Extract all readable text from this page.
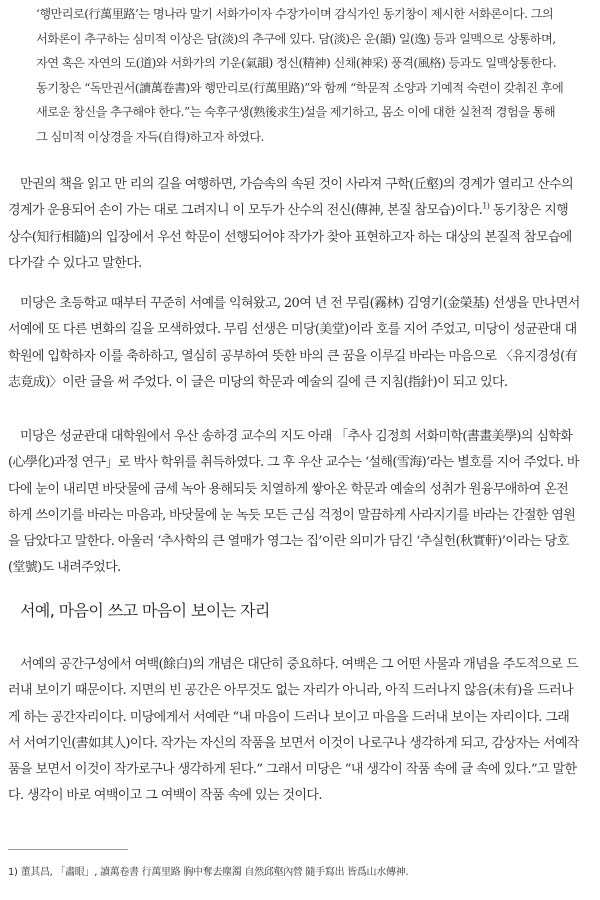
‘행만리로(行萬里路’는 명나라 말기 서화가이자 수장가이며 감식가인 동기창이 제시한 서화론이다. 그의

서화론이 추구하는 심미적 이상은 담(淡)의 추구에 있다. 담(淡)은 운(韻) 일(逸) 등과 일맥으로 상통하며,

자연 혹은 자연의 도(道)와 서화가의 기운(氣韻) 정신(精神) 신채(神采) 풍격(風格) 등과도 일맥상통한다.

동기창은 “독만권서(讀萬卷書)와 행만리로(行萬里路)”와 함께 “학문적 소양과 기예적 숙련이 갖춰진 후에

새로운 창신을 추구해야 한다.”는 숙후구생(熟後求生)설을 제기하고, 몸소 이에 대한 실천적 경험을 통해

그 심미적 이상경을 자득(自得)하고자 하였다.

만권의 책을 읽고 만 리의 길을 여행하면, 가슴속의 속된 것이 사라져 구학(丘壑)의 경계가 열리고 산수의

경계가 운용되어 손이 가는 대로 그려지니 이 모두가 산수의 전신(傳神, 본질 참모습)이다.$^{1)}$ 동기창은 지행

상수(知行相隨)의 입장에서 우선 학문이 선행되어야 작가가 찾아 표현하고자 하는 대상의 본질적 참모습에

다가갈 수 있다고 말한다.

미당은 초등학교 때부터 꾸준히 서예를 익혀왔고, 20여 년 전 무림(霧林) 김영기(金榮基) 선생을 만나면서

서예에 또 다른 변화의 길을 모색하였다. 무림 선생은 미당(美堂)이라 호를 지어 주었고, 미당이 성균관대 대

학원에 입학하자 이를 축하하고, 열심히 공부하여 뜻한 바의 큰 꿈을 이루길 바라는 마음으로 〈유지경성(有

志竟成)〉이란 글을 써 주었다. 이 글은 미당의 학문과 예술의 길에 큰 지침(指針)이 되고 있다.

미당은 성균관대 대학원에서 우산 송하경 교수의 지도 아래 「추사 김정희 서화미학(書畫美學)의 심학화

(心學化)과정 연구」로 박사 학위를 취득하였다. 그 후 우산 교수는 ‘설해(雪海)’라는 별호를 지어 주었다. 바

다에 눈이 내리면 바닷물에 금세 녹아 용해되듯 치열하게 쌓아온 학문과 예술의 성취가 원융무애하여 온전

하게 쓰이기를 바라는 마음과, 바닷물에 눈 녹듯 모든 근심 걱정이 말끔하게 사라지기를 바라는 간절한 염원

을 담았다고 말한다. 아울러 ‘추사학의 큰 열매가 영그는 집’이란 의미가 담긴 ‘추실헌(秋實軒)’이라는 당호

(堂號)도 내려주었다.

서예, 마음이 쓰고 마음이 보이는 자리

서예의 공간구성에서 여백(餘白)의 개념은 대단히 중요하다. 여백은 그 어떤 사물과 개념을 주도적으로 드

러내 보이기 때문이다. 지면의 빈 공간은 아무것도 없는 자리가 아니라, 아직 드러나지 않음(未有)을 드러나

게 하는 공간자리이다. 미당에게서 서예란 “내 마음이 드러나 보이고 마음을 드러내 보이는 자리이다. 그래

서 서여기인(書如其人)이다. 작가는 자신의 작품을 보면서 이것이 나로구나 생각하게 되고, 감상자는 서예작

품을 보면서 이것이 작가로구나 생각하게 된다.” 그래서 미당은 “내 생각이 작품 속에 글 속에 있다.”고 말한

다. 생각이 바로 여백이고 그 여백이 작품 속에 있는 것이다.

1) 董其昌, 「畵眼」, 讀萬卷書 行萬里路 胸中奪去塵濁 自然邱壑內營 隨手寫出 皆爲山水傳神.
